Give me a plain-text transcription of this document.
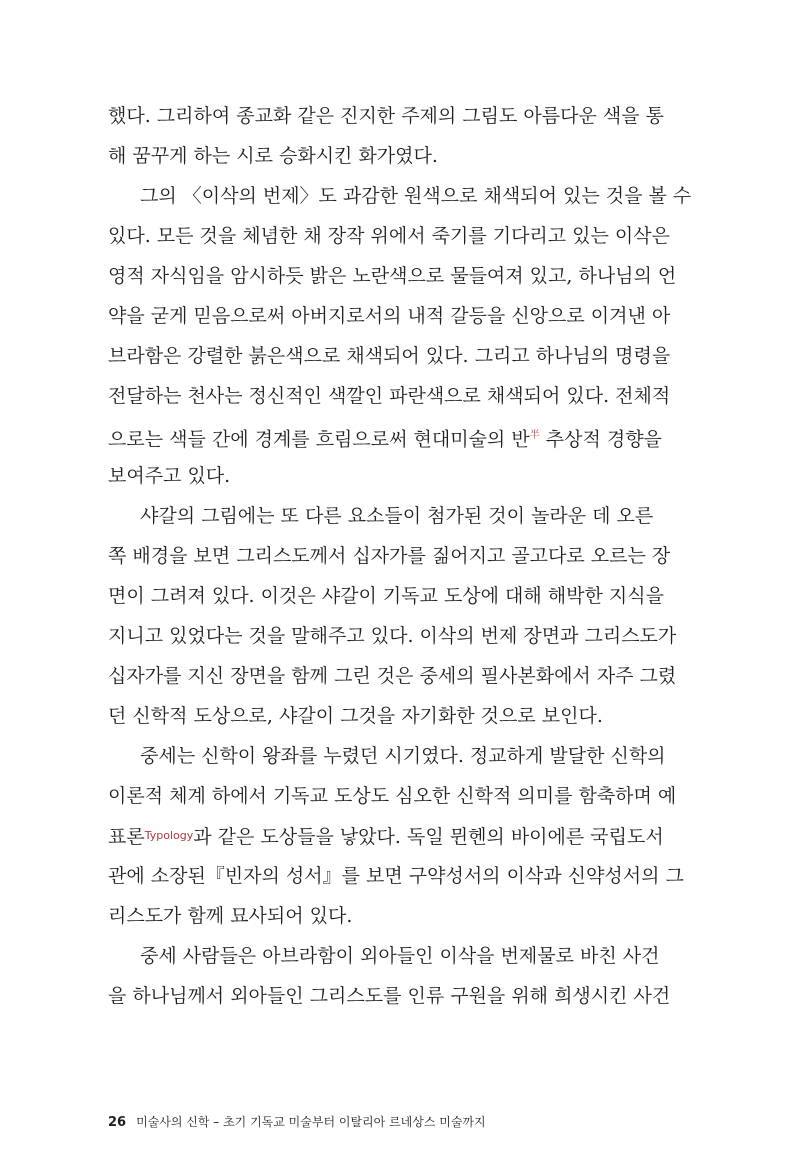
했다. 그리하여 종교화 같은 진지한 주제의 그림도 아름다운 색을 통
해 꿈꾸게 하는 시로 승화시킨 화가였다.
그의 〈이삭의 번제〉도 과감한 원색으로 채색되어 있는 것을 볼 수
있다. 모든 것을 체념한 채 장작 위에서 죽기를 기다리고 있는 이삭은
영적 자식임을 암시하듯 밝은 노란색으로 물들여져 있고, 하나님의 언
약을 굳게 믿음으로써 아버지로서의 내적 갈등을 신앙으로 이겨낸 아
브라함은 강렬한 붉은색으로 채색되어 있다. 그리고 하나님의 명령을
전달하는 천사는 정신적인 색깔인 파란색으로 채색되어 있다. 전체적
으로는 색들 간에 경계를 흐림으로써 현대미술의 반$^半$ 추상적 경향을
보여주고 있다.
샤갈의 그림에는 또 다른 요소들이 첨가된 것이 놀라운 데 오른
쪽 배경을 보면 그리스도께서 십자가를 짊어지고 골고다로 오르는 장
면이 그려져 있다. 이것은 샤갈이 기독교 도상에 대해 해박한 지식을
지니고 있었다는 것을 말해주고 있다. 이삭의 번제 장면과 그리스도가
십자가를 지신 장면을 함께 그린 것은 중세의 필사본화에서 자주 그렸
던 신학적 도상으로, 샤갈이 그것을 자기화한 것으로 보인다.
중세는 신학이 왕좌를 누렸던 시기였다. 정교하게 발달한 신학의
이론적 체계 하에서 기독교 도상도 심오한 신학적 의미를 함축하며 예
표론$^{Typology}$과 같은 도상들을 낳았다. 독일 뮌헨의 바이에른 국립도서
관에 소장된『빈자의 성서』를 보면 구약성서의 이삭과 신약성서의 그
리스도가 함께 묘사되어 있다.
중세 사람들은 아브라함이 외아들인 이삭을 번제물로 바친 사건
을 하나님께서 외아들인 그리스도를 인류 구원을 위해 희생시킨 사건
26 미술사의 신학 – 초기 기독교 미술부터 이탈리아 르네상스 미술까지
